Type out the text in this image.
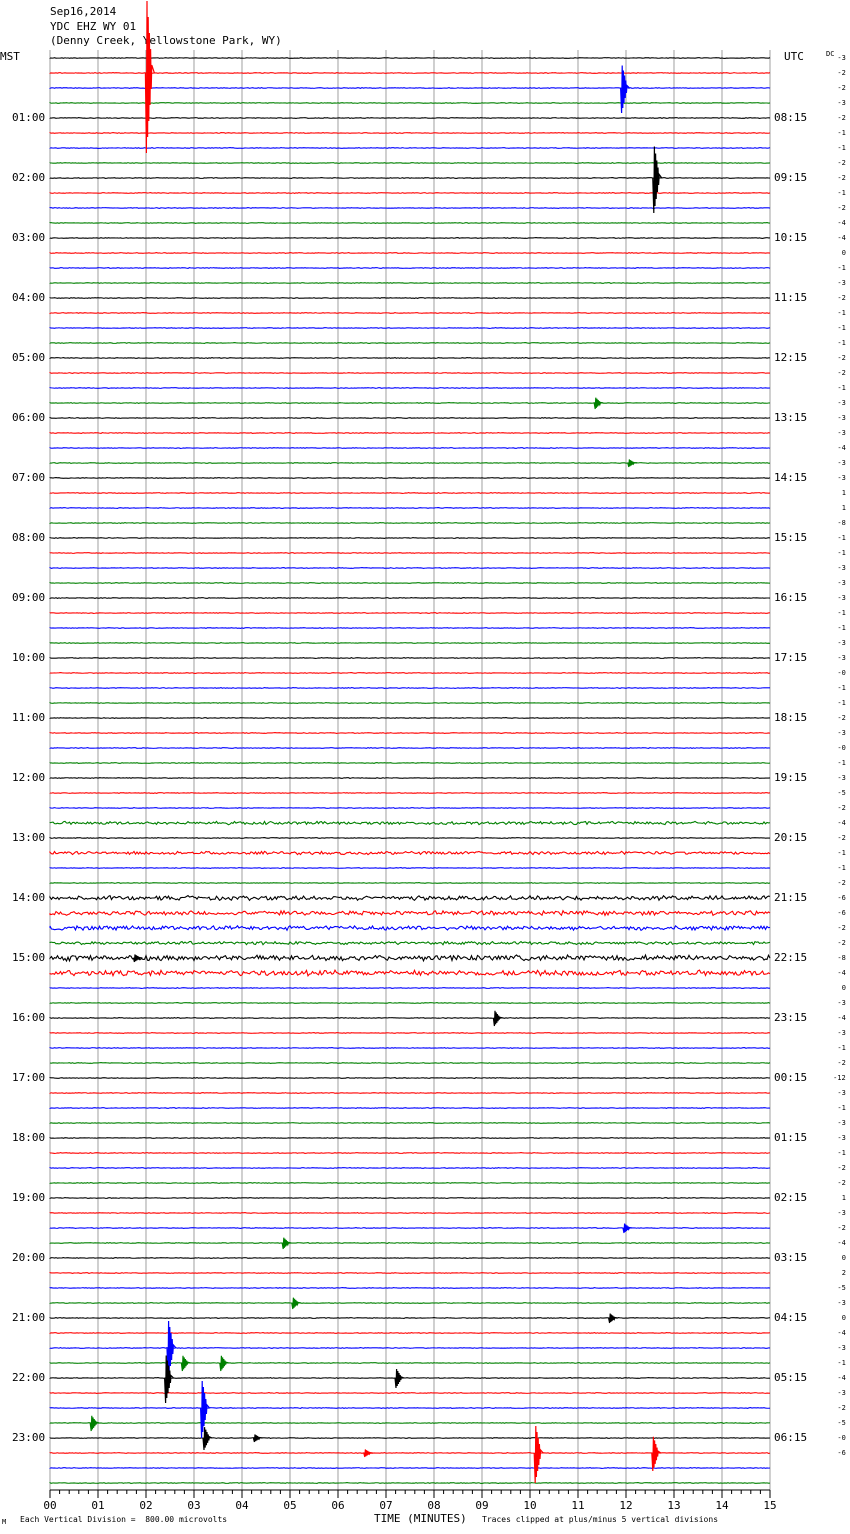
Sep16,2014
YDC EHZ WY 01
(Denny Creek, Yellowstone Park, WY)
MST	UTC	DC
00	01	02	03	04	05	06	07	08	09	10	11	12	13	14	15
01:00
02:00
03:00
04:00
05:00
06:00
07:00
08:00
09:00
10:00
11:00
12:00
13:00
14:00
15:00
16:00
17:00
18:00
19:00
20:00
21:00
22:00
23:00
08:15
09:15
10:15
11:15
12:15
13:15
14:15
15:15
16:15
17:15
18:15
19:15
20:15
21:15
22:15
23:15
00:15
01:15
02:15
03:15
04:15
05:15
06:15
-3
-2
-2
-3
-2
-1
-1
-2
-2
-1
-2
-4
-4
0
-1
-3
-2
-1
-1
-1
-2
-2
-1
-3
-3
-3
-4
-3
-3
1
1
-8
-1
-1
-3
-3
-3
-1
-1
-3
-3
-0
-1
-1
-2
-3
-0
-1
-3
-5
-2
-4
-2
-1
-1
-2
-6
-6
-2
-2
-8
-4
0
-3
-4
-3
-1
-2
-12
-3
-1
-3
-3
-1
-2
-2
1
-3
-2
-4
0
2
-5
-3
0
-4
-3
-1
-4
-3
-2
-5
-0
-6
M Each Vertical Division =  800.00 microvolts	TIME (MINUTES) Traces clipped at plus/minus 5 vertical divisions
